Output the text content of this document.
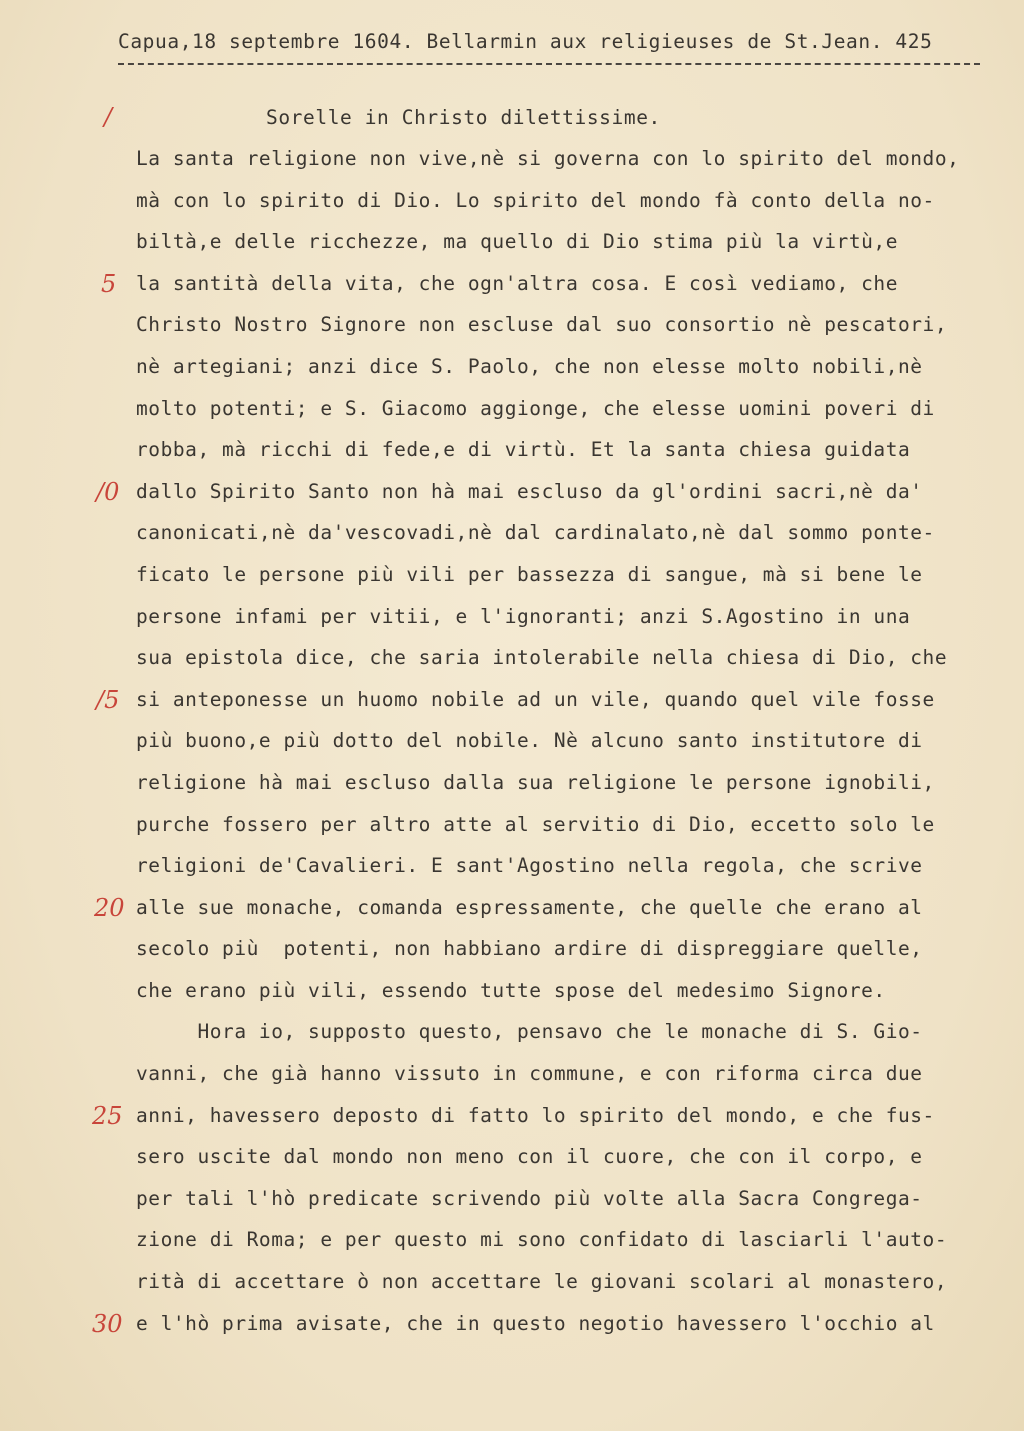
Capua,18 septembre 1604. Bellarmin aux religieuses de St.Jean. 425
Sorelle in Christo dilettissime.
La santa religione non vive,nè si governa con lo spirito del mondo,
mà con lo spirito di Dio. Lo spirito del mondo fà conto della no-
biltà,e delle ricchezze, ma quello di Dio stima più la virtù,e
la santità della vita, che ogn'altra cosa. E così vediamo, che
Christo Nostro Signore non escluse dal suo consortio nè pescatori,
nè artegiani; anzi dice S. Paolo, che non elesse molto nobili,nè
molto potenti; e S. Giacomo aggionge, che elesse uomini poveri di
robba, mà ricchi di fede,e di virtù. Et la santa chiesa guidata
dallo Spirito Santo non hà mai escluso da gl'ordini sacri,nè da'
canonicati,nè da'vescovadi,nè dal cardinalato,nè dal sommo ponte-
ficato le persone più vili per bassezza di sangue, mà si bene le
persone infami per vitii, e l'ignoranti; anzi S.Agostino in una
sua epistola dice, che saria intolerabile nella chiesa di Dio, che
si anteponesse un huomo nobile ad un vile, quando quel vile fosse
più buono,e più dotto del nobile. Nè alcuno santo institutore di
religione hà mai escluso dalla sua religione le persone ignobili,
purche fossero per altro atte al servitio di Dio, eccetto solo le
religioni de'Cavalieri. E sant'Agostino nella regola, che scrive
alle sue monache, comanda espressamente, che quelle che erano al
secolo più  potenti, non habbiano ardire di dispreggiare quelle,
che erano più vili, essendo tutte spose del medesimo Signore.
Hora io, supposto questo, pensavo che le monache di S. Gio-
vanni, che già hanno vissuto in commune, e con riforma circa due
anni, havessero deposto di fatto lo spirito del mondo, e che fus-
sero uscite dal mondo non meno con il cuore, che con il corpo, e
per tali l'hò predicate scrivendo più volte alla Sacra Congrega-
zione di Roma; e per questo mi sono confidato di lasciarli l'auto-
rità di accettare ò non accettare le giovani scolari al monastero,
e l'hò prima avisate, che in questo negotio havessero l'occhio al
/
5
/0
/5
20
25
30
